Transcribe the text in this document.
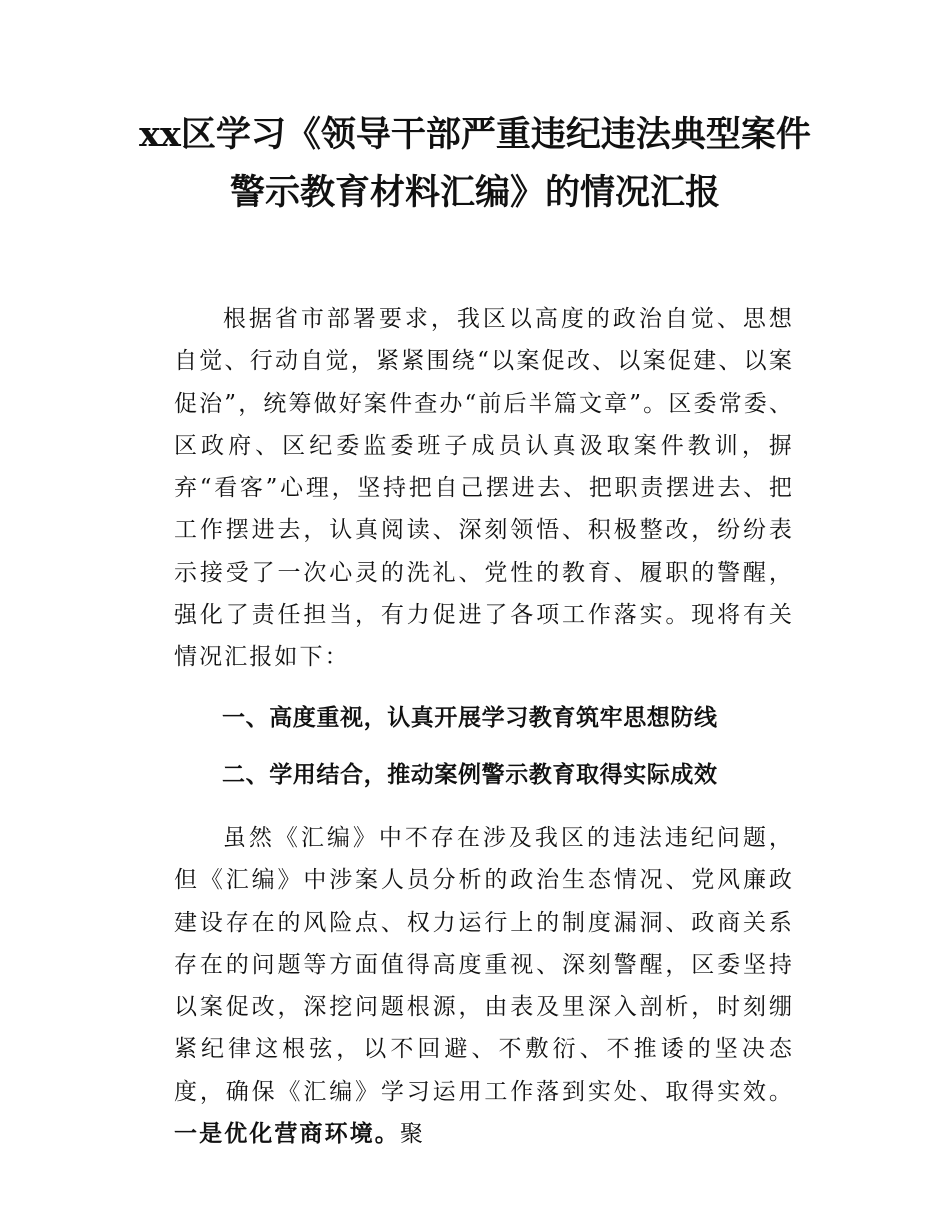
xx区学习《领导干部严重违纪违法典型案件
警示教育材料汇编》的情况汇报

根据省市部署要求，我区以高度的政治自觉、思想自觉、行动自觉，紧紧围绕“以案促改、以案促建、以案促治”，统筹做好案件查办“前后半篇文章”。区委常委、区政府、区纪委监委班子成员认真汲取案件教训，摒弃“看客”心理，坚持把自己摆进去、把职责摆进去、把工作摆进去，认真阅读、深刻领悟、积极整改，纷纷表示接受了一次心灵的洗礼、党性的教育、履职的警醒，强化了责任担当，有力促进了各项工作落实。现将有关情况汇报如下：

一、高度重视，认真开展学习教育筑牢思想防线
二、学用结合，推动案例警示教育取得实际成效

虽然《汇编》中不存在涉及我区的违法违纪问题，但《汇编》中涉案人员分析的政治生态情况、党风廉政建设存在的风险点、权力运行上的制度漏洞、政商关系存在的问题等方面值得高度重视、深刻警醒，区委坚持以案促改，深挖问题根源，由表及里深入剖析，时刻绷紧纪律这根弦，以不回避、不敷衍、不推诿的坚决态度，确保《汇编》学习运用工作落到实处、取得实效。一是优化营商环境。聚
